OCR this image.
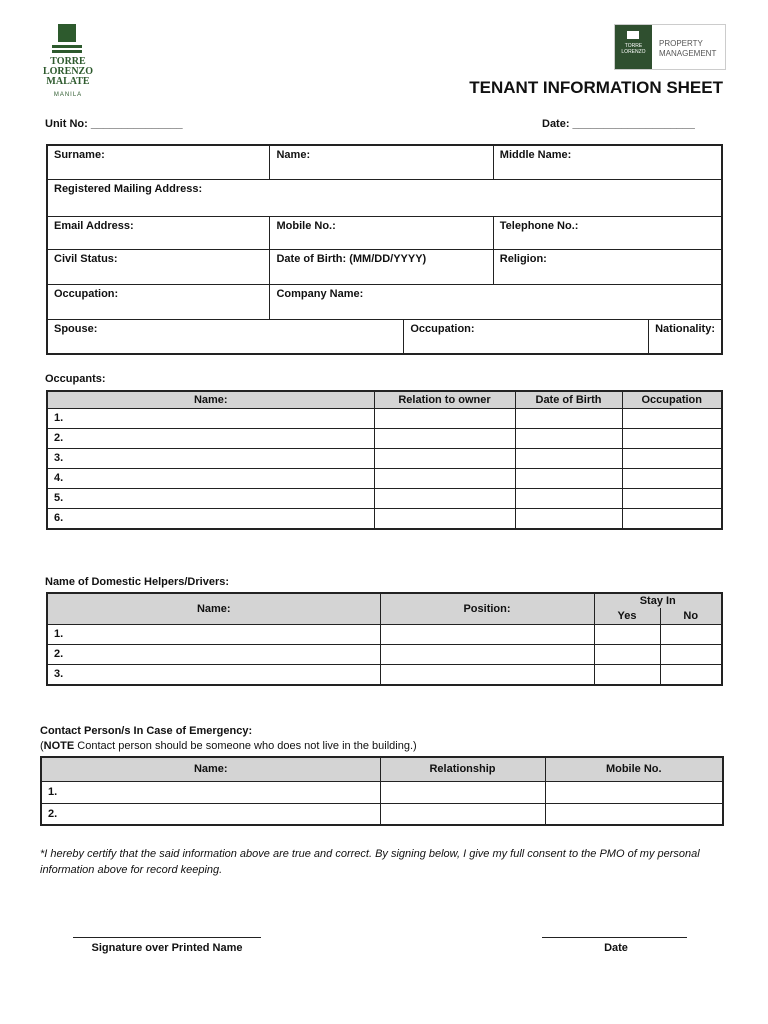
TORRE
LORENZO
MALATE
MANILA
TORRE
LORENZO
PROPERTY
MANAGEMENT
TENANT INFORMATION SHEET
Unit No: _______________	Date: ____________________
Surname:	Name:		Middle Name:	
Registered Mailing Address:				
Email Address:	Mobile No.:		Telephone No.:	
Civil Status:	Date of Birth: (MM/DD/YYYY)		Religion:	
Occupation:	Company Name:			
Spouse:		Occupation:		Nationality:
Occupants:
Name:	Relation to owner	Date of Birth	Occupation
1.			
2.			
3.			
4.			
5.			
6.			
Name of Domestic Helpers/Drivers:
Name:	Position:	Stay In	
		Yes	No
1.			
2.			
3.			
Contact Person/s In Case of Emergency:
(NOTE Contact person should be someone who does not live in the building.)
Name:	Relationship	Mobile No.
1.		
2.		
*I hereby certify that the said information above are true and correct. By signing below, I give my full consent to the PMO of my personal information above for record keeping.
Signature over Printed Name	Date
